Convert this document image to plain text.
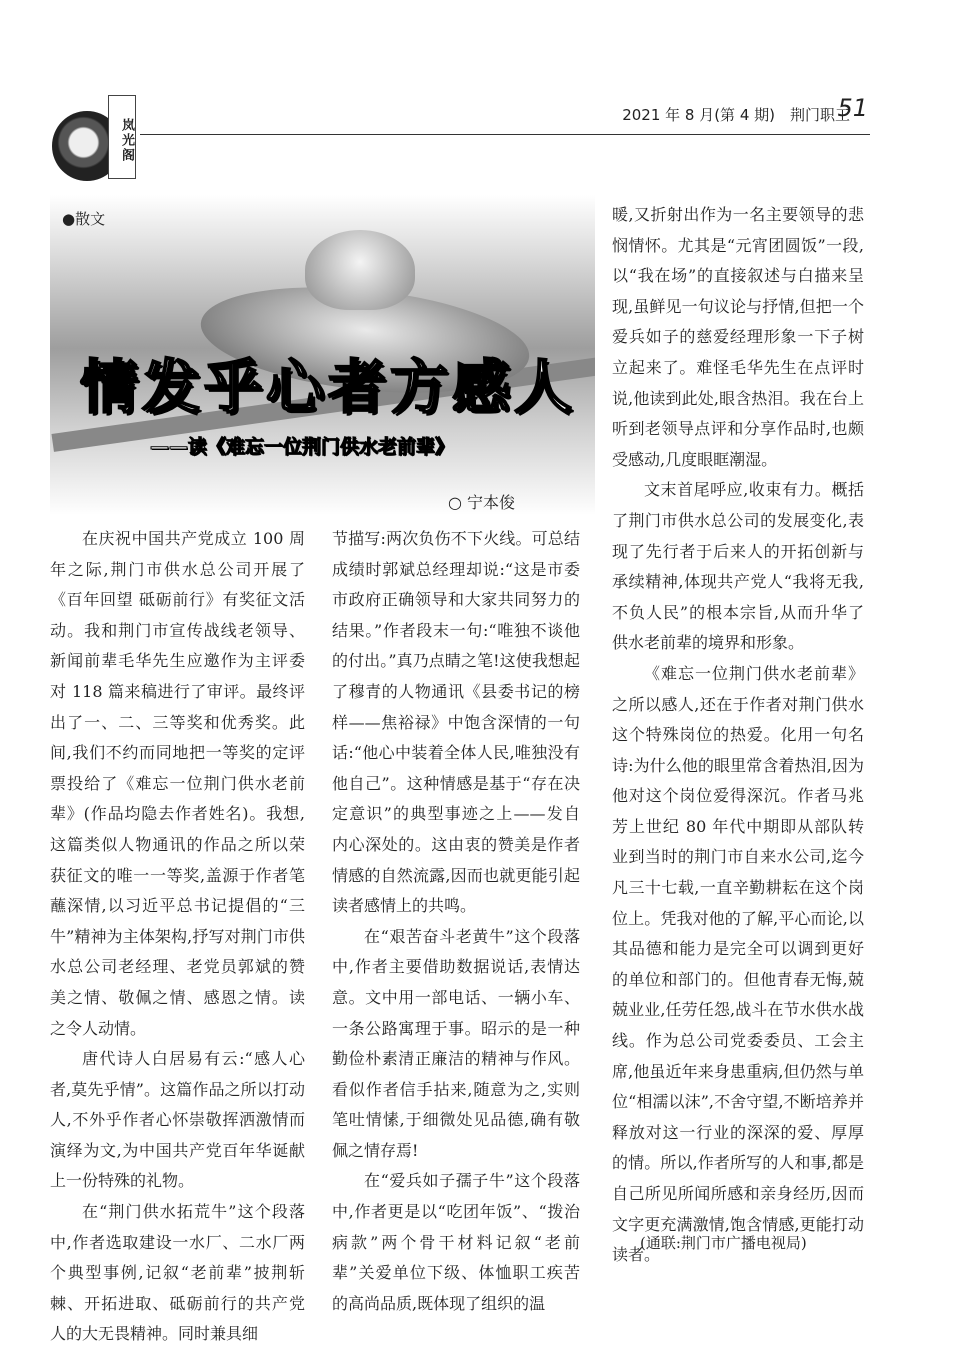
岚光阁
2021 年 8 月(第 4 期)　荆门职工
51
●散文
情发乎心者方感人
——读《难忘一位荆门供水老前辈》
○ 宁本俊

在庆祝中国共产党成立 100 周年之际,荆门市供水总公司开展了《百年回望 砥砺前行》有奖征文活动。我和荆门市宣传战线老领导、新闻前辈毛华先生应邀作为主评委对 118 篇来稿进行了审评。最终评出了一、二、三等奖和优秀奖。此间,我们不约而同地把一等奖的定评票投给了《难忘一位荆门供水老前辈》(作品均隐去作者姓名)。我想,这篇类似人物通讯的作品之所以荣获征文的唯一一等奖,盖源于作者笔蘸深情,以习近平总书记提倡的“三牛”精神为主体架构,抒写对荆门市供水总公司老经理、老党员郭斌的赞美之情、敬佩之情、感恩之情。读之令人动情。

唐代诗人白居易有云:“感人心者,莫先乎情”。这篇作品之所以打动人,不外乎作者心怀崇敬挥洒激情而演绎为文,为中国共产党百年华诞献上一份特殊的礼物。

在“荆门供水拓荒牛”这个段落中,作者选取建设一水厂、二水厂两个典型事例,记叙“老前辈”披荆斩棘、开拓进取、砥砺前行的共产党人的大无畏精神。同时兼具细

节描写:两次负伤不下火线。可总结成绩时郭斌总经理却说:“这是市委市政府正确领导和大家共同努力的结果。”作者段末一句:“唯独不谈他的付出。”真乃点睛之笔!这使我想起了穆青的人物通讯《县委书记的榜样——焦裕禄》中饱含深情的一句话:“他心中装着全体人民,唯独没有他自己”。这种情感是基于“存在决定意识”的典型事迹之上——发自内心深处的。这由衷的赞美是作者情感的自然流露,因而也就更能引起读者感情上的共鸣。

在“艰苦奋斗老黄牛”这个段落中,作者主要借助数据说话,表情达意。文中用一部电话、一辆小车、一条公路寓理于事。昭示的是一种勤俭朴素清正廉洁的精神与作风。看似作者信手拈来,随意为之,实则笔吐情愫,于细微处见品德,确有敬佩之情存焉!

在“爱兵如子孺子牛”这个段落中,作者更是以“吃团年饭”、“拨治病款”两个骨干材料记叙“老前辈”关爱单位下级、体恤职工疾苦的高尚品质,既体现了组织的温

暖,又折射出作为一名主要领导的悲悯情怀。尤其是“元宵团圆饭”一段,以“我在场”的直接叙述与白描来呈现,虽鲜见一句议论与抒情,但把一个爱兵如子的慈爱经理形象一下子树立起来了。难怪毛华先生在点评时说,他读到此处,眼含热泪。我在台上听到老领导点评和分享作品时,也颇受感动,几度眼眶潮湿。

文末首尾呼应,收束有力。概括了荆门市供水总公司的发展变化,表现了先行者于后来人的开拓创新与承续精神,体现共产党人“我将无我,不负人民”的根本宗旨,从而升华了供水老前辈的境界和形象。

《难忘一位荆门供水老前辈》之所以感人,还在于作者对荆门供水这个特殊岗位的热爱。化用一句名诗:为什么他的眼里常含着热泪,因为他对这个岗位爱得深沉。作者马兆芳上世纪 80 年代中期即从部队转业到当时的荆门市自来水公司,迄今凡三十七载,一直辛勤耕耘在这个岗位上。凭我对他的了解,平心而论,以其品德和能力是完全可以调到更好的单位和部门的。但他青春无悔,兢兢业业,任劳任怨,战斗在节水供水战线。作为总公司党委委员、工会主席,他虽近年来身患重病,但仍然与单位“相濡以沫”,不舍守望,不断培养并释放对这一行业的深深的爱、厚厚的情。所以,作者所写的人和事,都是自己所见所闻所感和亲身经历,因而文字更充满激情,饱含情感,更能打动读者。

(通联:荆门市广播电视局)
